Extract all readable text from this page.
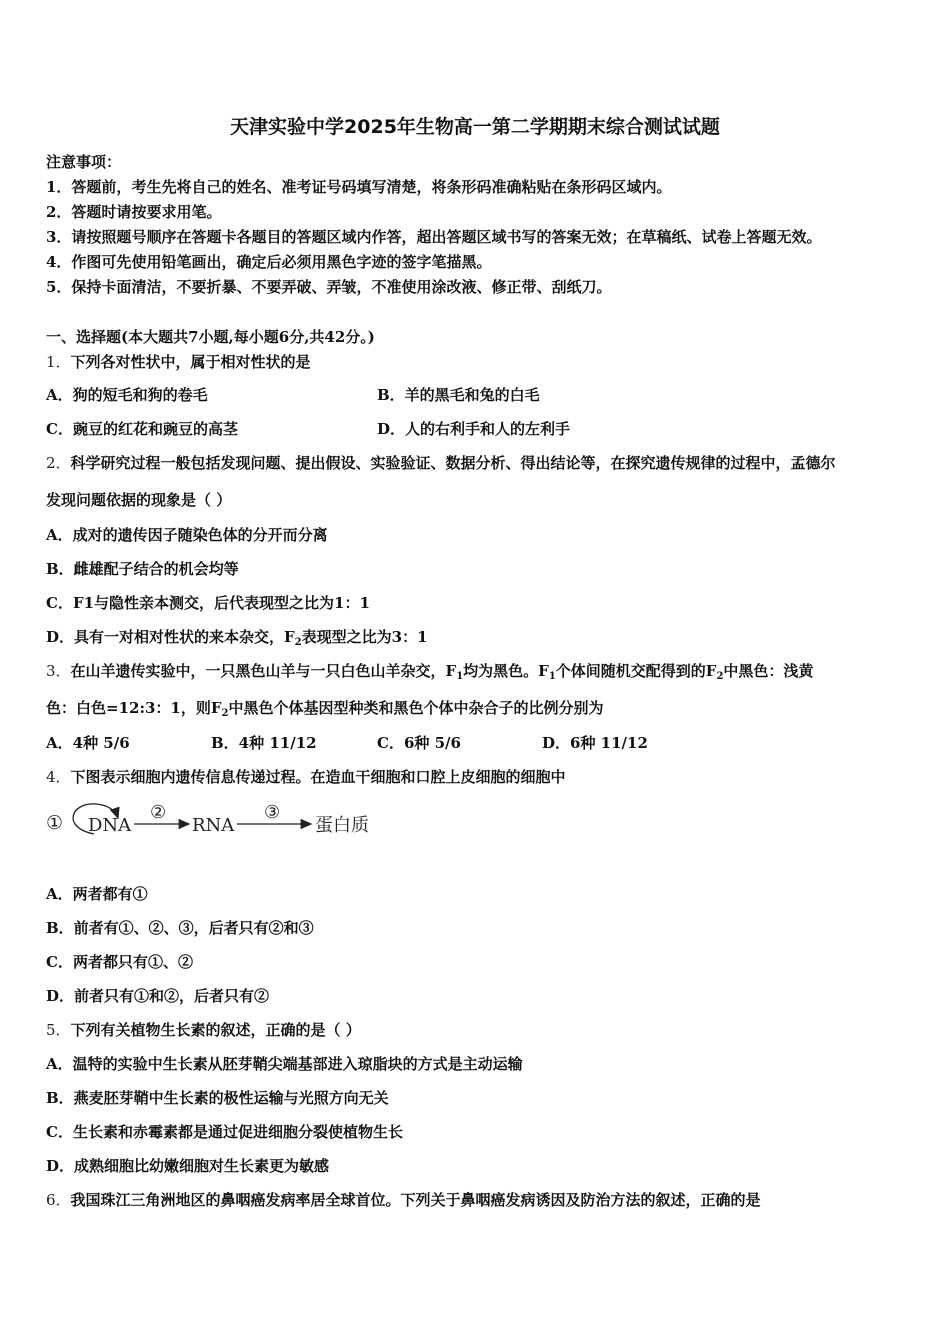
天津实验中学2025年生物高一第二学期期末综合测试试题
注意事项：
1．答题前，考生先将自己的姓名、准考证号码填写清楚，将条形码准确粘贴在条形码区域内。
2．答题时请按要求用笔。
3．请按照题号顺序在答题卡各题目的答题区域内作答，超出答题区域书写的答案无效；在草稿纸、试卷上答题无效。
4．作图可先使用铅笔画出，确定后必须用黑色字迹的签字笔描黑。
5．保持卡面清洁，不要折暴、不要弄破、弄皱，不准使用涂改液、修正带、刮纸刀。
一、选择题(本大题共7小题,每小题6分,共42分。)
1．下列各对性状中，属于相对性状的是
A．狗的短毛和狗的卷毛	B．羊的黑毛和兔的白毛
C．豌豆的红花和豌豆的高茎	D．人的右利手和人的左利手
2．科学研究过程一般包括发现问题、提出假设、实验验证、数据分析、得出结论等，在探究遗传规律的过程中，孟德尔
发现问题依据的现象是（ ）
A．成对的遗传因子随染色体的分开而分离
B．雌雄配子结合的机会均等
C．F1与隐性亲本测交，后代表现型之比为1：1
D．具有一对相对性状的来本杂交，$F_2$表现型之比为3：1
3．在山羊遗传实验中，一只黑色山羊与一只白色山羊杂交，$F_1$均为黑色。$F_1$个体间随机交配得到的$F_2$中黑色：浅黄
色：白色=12:3：1，则$F_2$中黑色个体基因型种类和黑色个体中杂合子的比例分别为
A．4种 5/6	B．4种 11/12	C．6种 5/6	D．6种 11/12
4．下图表示细胞内遗传信息传递过程。在造血干细胞和口腔上皮细胞的细胞中
① DNA
②
RNA
③
蛋白质
A．两者都有①
B．前者有①、②、③，后者只有②和③
C．两者都只有①、②
D．前者只有①和②，后者只有②
5．下列有关植物生长素的叙述，正确的是（ ）
A．温特的实验中生长素从胚芽鞘尖端基部进入琼脂块的方式是主动运输
B．燕麦胚芽鞘中生长素的极性运输与光照方向无关
C．生长素和赤霉素都是通过促进细胞分裂使植物生长
D．成熟细胞比幼嫩细胞对生长素更为敏感
6．我国珠江三角洲地区的鼻咽癌发病率居全球首位。下列关于鼻咽癌发病诱因及防治方法的叙述，正确的是
